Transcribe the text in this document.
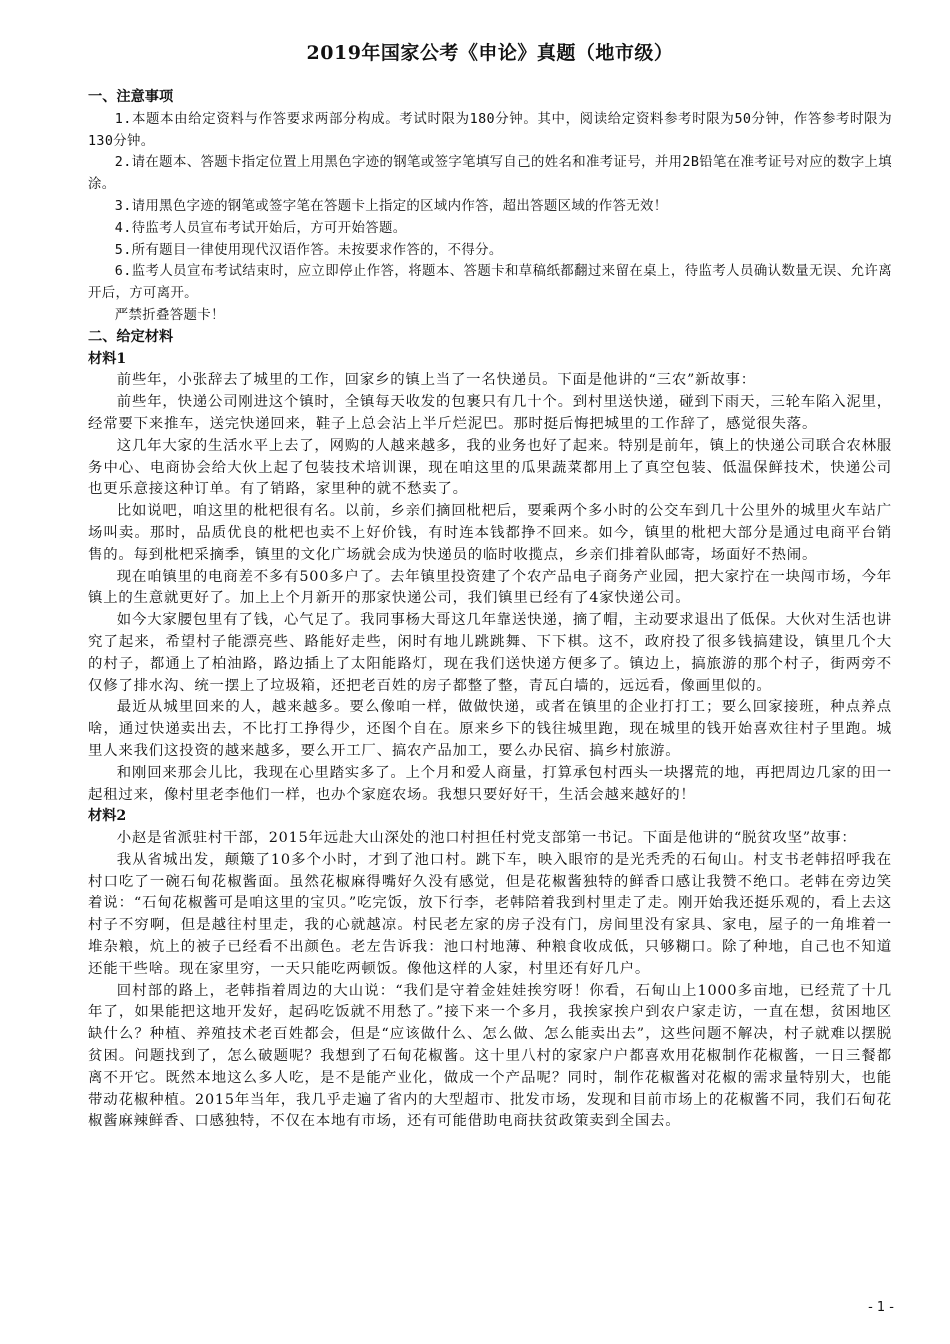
2019年国家公考《申论》真题（地市级）

一、注意事项

1.本题本由给定资料与作答要求两部分构成。考试时限为180分钟。其中，阅读给定资料参考时限为50分钟，作答参考时限为130分钟。

2.请在题本、答题卡指定位置上用黑色字迹的钢笔或签字笔填写自己的姓名和准考证号，并用2B铅笔在准考证号对应的数字上填涂。

3.请用黑色字迹的钢笔或签字笔在答题卡上指定的区域内作答，超出答题区域的作答无效！

4.待监考人员宣布考试开始后，方可开始答题。

5.所有题目一律使用现代汉语作答。未按要求作答的，不得分。

6.监考人员宣布考试结束时，应立即停止作答，将题本、答题卡和草稿纸都翻过来留在桌上，待监考人员确认数量无误、允许离开后，方可离开。

严禁折叠答题卡！

二、给定材料

材料1

前些年，小张辞去了城里的工作，回家乡的镇上当了一名快递员。下面是他讲的“三农”新故事：

前些年，快递公司刚进这个镇时，全镇每天收发的包裹只有几十个。到村里送快递，碰到下雨天，三轮车陷入泥里，经常要下来推车，送完快递回来，鞋子上总会沾上半斤烂泥巴。那时挺后悔把城里的工作辞了，感觉很失落。

这几年大家的生活水平上去了，网购的人越来越多，我的业务也好了起来。特别是前年，镇上的快递公司联合农林服务中心、电商协会给大伙上起了包装技术培训课，现在咱这里的瓜果蔬菜都用上了真空包装、低温保鲜技术，快递公司也更乐意接这种订单。有了销路，家里种的就不愁卖了。

比如说吧，咱这里的枇杷很有名。以前，乡亲们摘回枇杷后，要乘两个多小时的公交车到几十公里外的城里火车站广场叫卖。那时，品质优良的枇杷也卖不上好价钱，有时连本钱都挣不回来。如今，镇里的枇杷大部分是通过电商平台销售的。每到枇杷采摘季，镇里的文化广场就会成为快递员的临时收揽点，乡亲们排着队邮寄，场面好不热闹。

现在咱镇里的电商差不多有500多户了。去年镇里投资建了个农产品电子商务产业园，把大家拧在一块闯市场，今年镇上的生意就更好了。加上上个月新开的那家快递公司，我们镇里已经有了4家快递公司。

如今大家腰包里有了钱，心气足了。我同事杨大哥这几年靠送快递，摘了帽，主动要求退出了低保。大伙对生活也讲究了起来，希望村子能漂亮些、路能好走些，闲时有地儿跳跳舞、下下棋。这不，政府投了很多钱搞建设，镇里几个大的村子，都通上了柏油路，路边插上了太阳能路灯，现在我们送快递方便多了。镇边上，搞旅游的那个村子，街两旁不仅修了排水沟、统一摆上了垃圾箱，还把老百姓的房子都整了整，青瓦白墙的，远远看，像画里似的。

最近从城里回来的人，越来越多。要么像咱一样，做做快递，或者在镇里的企业打打工；要么回家接班，种点养点啥，通过快递卖出去，不比打工挣得少，还图个自在。原来乡下的钱往城里跑，现在城里的钱开始喜欢往村子里跑。城里人来我们这投资的越来越多，要么开工厂、搞农产品加工，要么办民宿、搞乡村旅游。

和刚回来那会儿比，我现在心里踏实多了。上个月和爱人商量，打算承包村西头一块撂荒的地，再把周边几家的田一起租过来，像村里老李他们一样，也办个家庭农场。我想只要好好干，生活会越来越好的！

材料2

小赵是省派驻村干部，2015年远赴大山深处的池口村担任村党支部第一书记。下面是他讲的“脱贫攻坚”故事：

我从省城出发，颠簸了10多个小时，才到了池口村。跳下车，映入眼帘的是光秃秃的石甸山。村支书老韩招呼我在村口吃了一碗石甸花椒酱面。虽然花椒麻得嘴好久没有感觉，但是花椒酱独特的鲜香口感让我赞不绝口。老韩在旁边笑着说：“石甸花椒酱可是咱这里的宝贝。”吃完饭，放下行李，老韩陪着我到村里走了走。刚开始我还挺乐观的，看上去这村子不穷啊，但是越往村里走，我的心就越凉。村民老左家的房子没有门，房间里没有家具、家电，屋子的一角堆着一堆杂粮，炕上的被子已经看不出颜色。老左告诉我：池口村地薄、种粮食收成低，只够糊口。除了种地，自己也不知道还能干些啥。现在家里穷，一天只能吃两顿饭。像他这样的人家，村里还有好几户。

回村部的路上，老韩指着周边的大山说：“我们是守着金娃娃挨穷呀！你看，石甸山上1000多亩地，已经荒了十几年了，如果能把这地开发好，起码吃饭就不用愁了。”接下来一个多月，我挨家挨户到农户家走访，一直在想，贫困地区缺什么？种植、养殖技术老百姓都会，但是“应该做什么、怎么做、怎么能卖出去”，这些问题不解决，村子就难以摆脱贫困。问题找到了，怎么破题呢？我想到了石甸花椒酱。这十里八村的家家户户都喜欢用花椒制作花椒酱，一日三餐都离不开它。既然本地这么多人吃，是不是能产业化，做成一个产品呢？同时，制作花椒酱对花椒的需求量特别大，也能带动花椒种植。2015年当年，我几乎走遍了省内的大型超市、批发市场，发现和目前市场上的花椒酱不同，我们石甸花椒酱麻辣鲜香、口感独特，不仅在本地有市场，还有可能借助电商扶贫政策卖到全国去。

- 1 -
